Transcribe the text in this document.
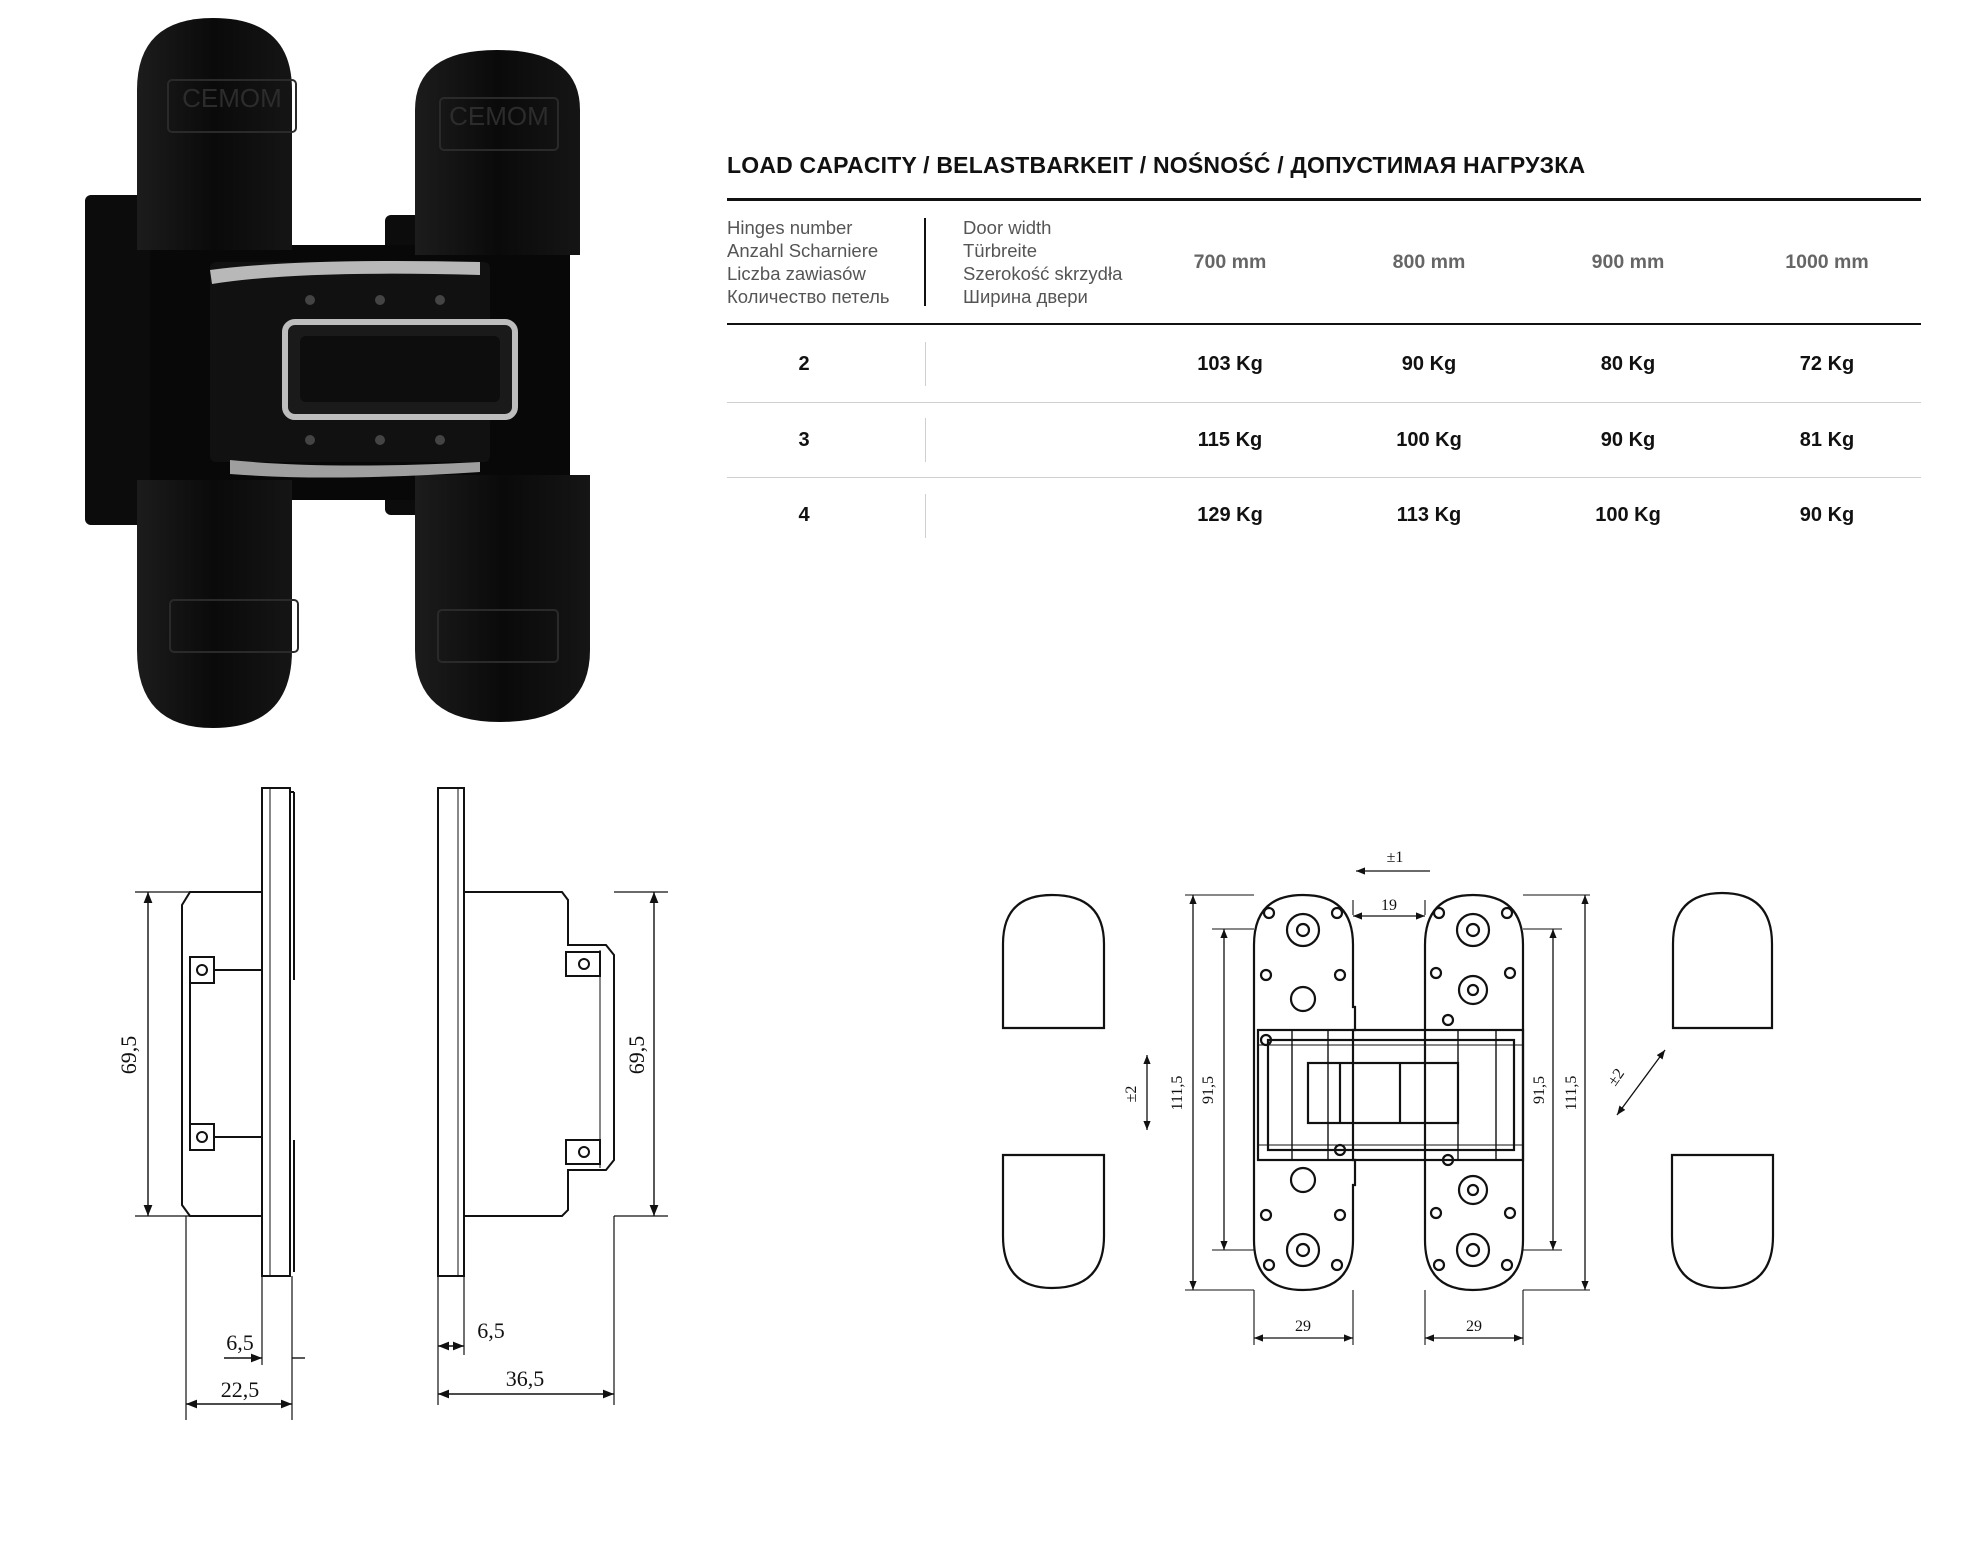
CEMOM
CEMOM
LOAD CAPACITY / BELASTBARKEIT / NOŚNOŚĆ / ДОПУСТИМАЯ НАГРУЗКА
Hinges number
Anzahl Scharniere
Liczba zawiasów
Количество петель
Door width
Türbreite
Szerokość skrzydła
Ширина двери
700 mm	800 mm	900 mm	1000 mm
2	103 Kg	90 Kg	80 Kg	72 Kg
3	115 Kg	100 Kg	90 Kg	81 Kg
4	129 Kg	113 Kg	100 Kg	90 Kg
69,5
6,5
22,5
69,5
6,5
36,5
±1
19
±2 111,5 91,5	91,5 111,5 ±2
29	29
